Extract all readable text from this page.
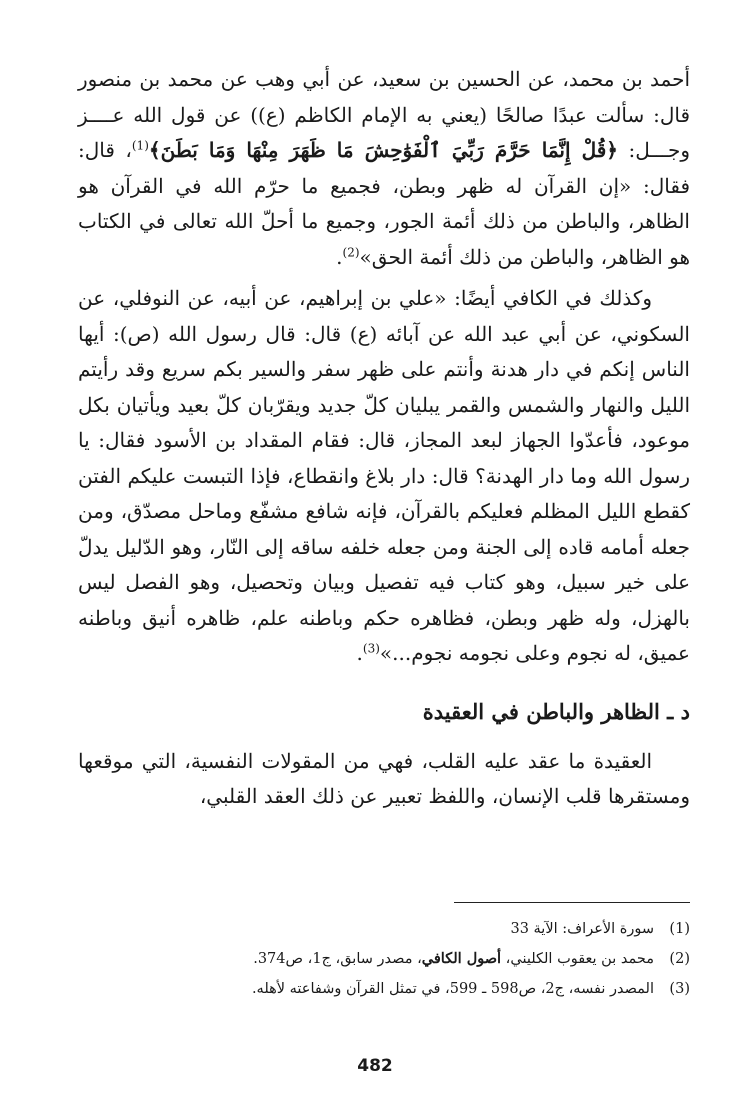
أحمد بن محمد، عن الحسين بن سعيد، عن أبي وهب عن محمد بن منصور قال: سألت عبدًا صالحًا (يعني به الإمام الكاظم (ع)) عن قول الله عــــز وجـــل: ﴿قُلْ إِنَّمَا حَرَّمَ رَبِّيَ ٱلْفَوَٰحِشَ مَا ظَهَرَ مِنْهَا وَمَا بَطَنَ﴾$^{(1)}$، قال: فقال: «إن القرآن له ظهر وبطن، فجميع ما حرّم الله في القرآن هو الظاهر، والباطن من ذلك أئمة الجور، وجميع ما أحلّ الله تعالى في الكتاب هو الظاهر، والباطن من ذلك أئمة الحق»$^{(2)}$.

وكذلك في الكافي أيضًا: «علي بن إبراهيم، عن أبيه، عن النوفلي، عن السكوني، عن أبي عبد الله عن آبائه (ع) قال: قال رسول الله (ص): أيها الناس إنكم في دار هدنة وأنتم على ظهر سفر والسير بكم سريع وقد رأيتم الليل والنهار والشمس والقمر يبليان كلّ جديد ويقرّبان كلّ بعيد ويأتيان بكل موعود، فأعدّوا الجهاز لبعد المجاز، قال: فقام المقداد بن الأسود فقال: يا رسول الله وما دار الهدنة؟ قال: دار بلاغ وانقطاع، فإذا التبست عليكم الفتن كقطع الليل المظلم فعليكم بالقرآن، فإنه شافع مشفّع وماحل مصدّق، ومن جعله أمامه قاده إلى الجنة ومن جعله خلفه ساقه إلى النّار، وهو الدّليل يدلّ على خير سبيل، وهو كتاب فيه تفصيل وبيان وتحصيل، وهو الفصل ليس بالهزل، وله ظهر وبطن، فظاهره حكم وباطنه علم، ظاهره أنيق وباطنه عميق، له نجوم وعلى نجومه نجوم...»$^{(3)}$.

د ـ الظاهر والباطن في العقيدة

العقيدة ما عقد عليه القلب، فهي من المقولات النفسية، التي موقعها ومستقرها قلب الإنسان، واللفظ تعبير عن ذلك العقد القلبي،

(1)سورة الأعراف: الآية 33
(2)محمد بن يعقوب الكليني، أصول الكافي، مصدر سابق، ج1، ص374.
(3)المصدر نفسه، ج2، ص598 ـ 599، في تمثل القرآن وشفاعته لأهله.
482
